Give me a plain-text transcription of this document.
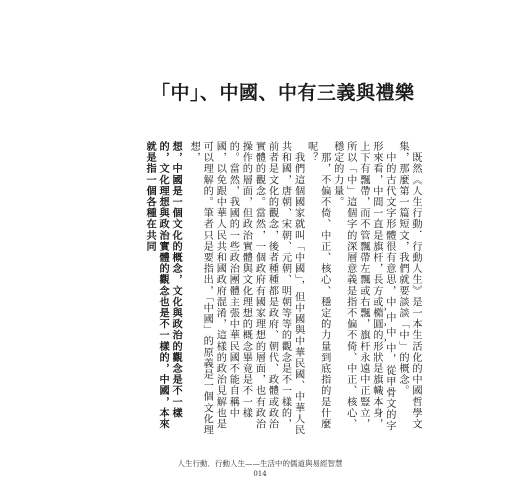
「中」、中國、中有三義與禮樂

　既然《人生行動．行動人生》是一本生活化的中國哲學文集，那麼第一篇短文，我們就要談談「中」的概念。

　中的古代文字形體很有意思，中ꞈ中ꞈ中ꞈ中，從甲骨文的字形來看，中間一直是旗杆，長方或橢圓的形狀是旗幟本身，上下有飄帶，而不管飄帶左飄或右飄，旗杆永遠中正豎立，所以「中」這個字的深層意義是指不偏不倚、中正、核心、穩定的力量。

　那，不偏不倚、中正、核心、穩定的力量到底指的是什麼呢？

　我們這個國家就叫「中國」，但中國與中華民國、中華人民共和國，唐朝、宋朝、元朝、明朝等等的觀念是不一樣的，前者是文化的觀念，後者種種都是政府、朝代、政體或政治實體的觀念。當然，一個政府有國家理想的層面，也有政治操作的層面，但政治實體與文化理想的概念畢竟是不一樣的。當然，我國的一些政治團體主張中華民國不能自稱中國，以免跟中華人民共和國政府混淆，這樣的政治見解也是可以理解的。筆者只是要指出，「中國」的原義是一個文化理想，

想，中國是一個文化的概念，文化與政治的觀念是不一樣的，文化理想與政治實體的觀念也是不一樣的，中國，本來就是指一個各種在共同

人生行動．行動人生——生活中的儒道與易經智慧
014
